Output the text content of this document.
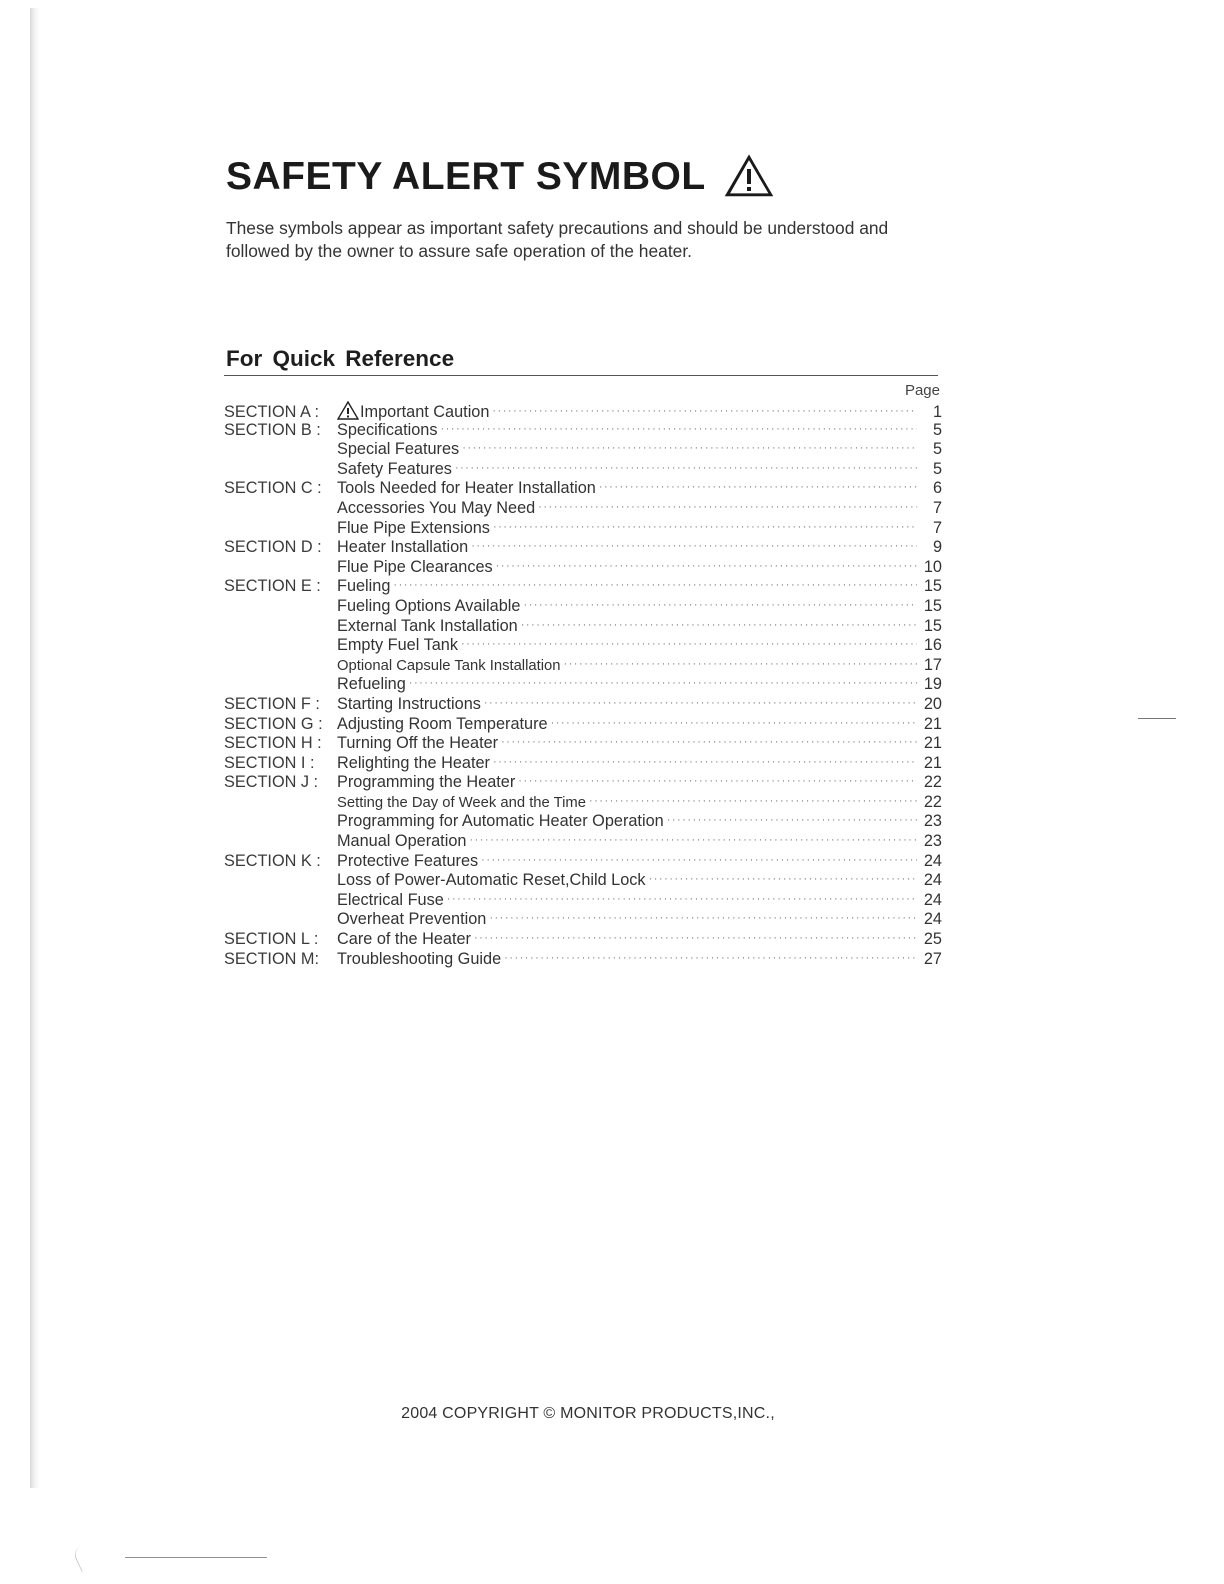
SAFETY ALERT SYMBOL
These symbols appear as important safety precautions and should be understood and followed by the owner to assure safe operation of the heater.
For Quick Reference
Page
SECTION A :	Important Caution ·····	1
SECTION B : Specifications ·····	5
Special Features ·····	5
Safety Features ·····	5
SECTION C : Tools Needed for Heater Installation ·····	6
Accessories You May Need ·····	7
Flue Pipe Extensions ·····	7
SECTION D : Heater Installation ·····	9
Flue Pipe Clearances ·····	10
SECTION E : Fueling ·····	15
Fueling Options Available ·····	15
External Tank Installation ·····	15
Empty Fuel Tank ·····	16
Optional Capsule Tank Installation ·····	17
Refueling ·····	19
SECTION F :	Starting Instructions ·····	20
SECTION G : Adjusting Room Temperature ·····	21
SECTION H : Turning Off the Heater ·····	21
SECTION I :	Relighting the Heater ·····	21
SECTION J :	Programming the Heater ·····	22
Setting the Day of Week and the Time ·····	22
Programming for Automatic Heater Operation ·····	23
Manual Operation ·····	23
SECTION K : Protective Features ·····	24
Loss of Power-Automatic Reset,Child Lock ·····	24
Electrical Fuse ·····	24
Overheat Prevention ·····	24
SECTION L :	Care of the Heater ·····	25
SECTION M:	Troubleshooting Guide ·····	27
2004 COPYRIGHT © MONITOR PRODUCTS,INC.,
